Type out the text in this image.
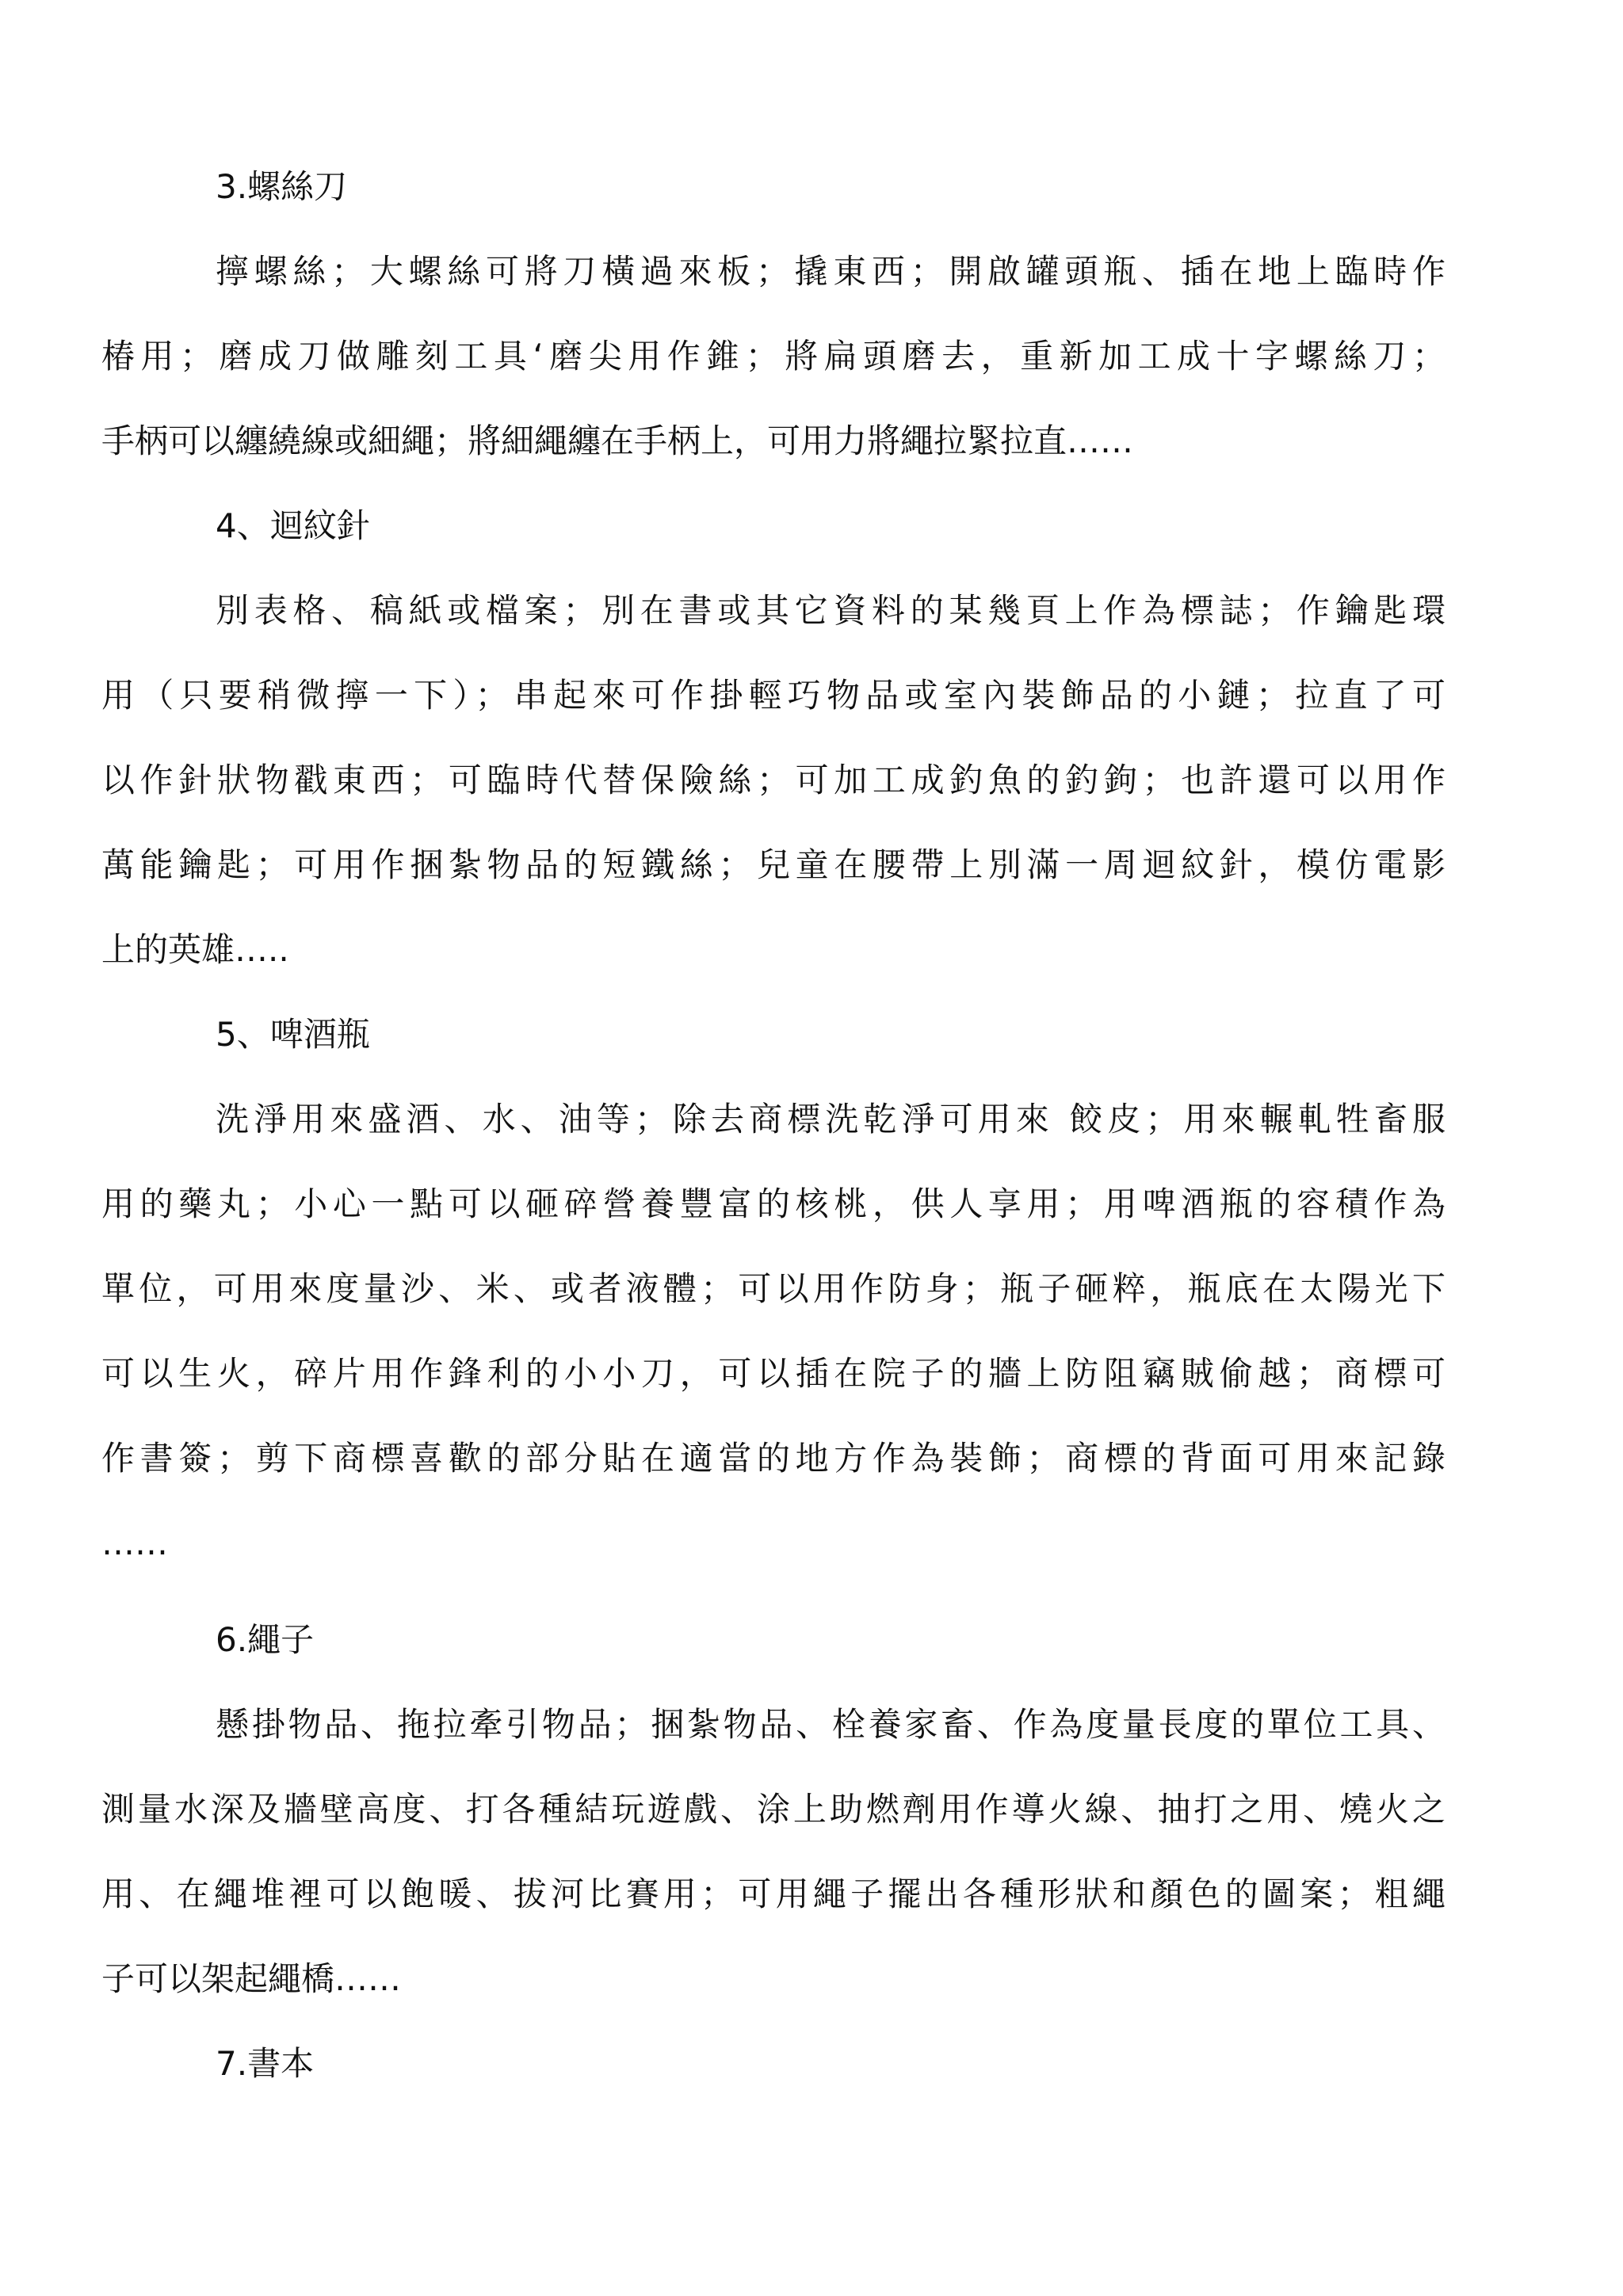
3.螺絲刀
擰螺絲；大螺絲可將刀橫過來板；撬東西；開啟罐頭瓶、插在地上臨時作
椿用；磨成刀做雕刻工具‘磨尖用作錐；將扁頭磨去，重新加工成十字螺絲刀；
手柄可以纏繞線或細繩；將細繩纏在手柄上，可用力將繩拉緊拉直……
4、迴紋針
別表格、稿紙或檔案；別在書或其它資料的某幾頁上作為標誌；作鑰匙環
用（只要稍微擰一下）；串起來可作掛輕巧物品或室內裝飾品的小鏈；拉直了可
以作針狀物戳東西；可臨時代替保險絲；可加工成釣魚的釣鉤；也許還可以用作
萬能鑰匙；可用作捆紮物品的短鐵絲；兒童在腰帶上別滿一周迴紋針，模仿電影
上的英雄…..
5、啤酒瓶
洗淨用來盛酒、水、油等；除去商標洗乾淨可用來 餃皮；用來輾軋牲畜服
用的藥丸；小心一點可以砸碎營養豐富的核桃，供人享用；用啤酒瓶的容積作為
單位，可用來度量沙、米、或者液體；可以用作防身；瓶子砸粹，瓶底在太陽光下
可以生火，碎片用作鋒利的小小刀，可以插在院子的牆上防阻竊賊偷越；商標可
作書簽；剪下商標喜歡的部分貼在適當的地方作為裝飾；商標的背面可用來記錄
……
6.繩子
懸掛物品、拖拉牽引物品；捆紮物品、栓養家畜、作為度量長度的單位工具、
測量水深及牆壁高度、打各種結玩遊戲、涂上助燃劑用作導火線、抽打之用、燒火之
用、在繩堆裡可以飽暖、拔河比賽用；可用繩子擺出各種形狀和顏色的圖案；粗繩
子可以架起繩橋……
7.書本
